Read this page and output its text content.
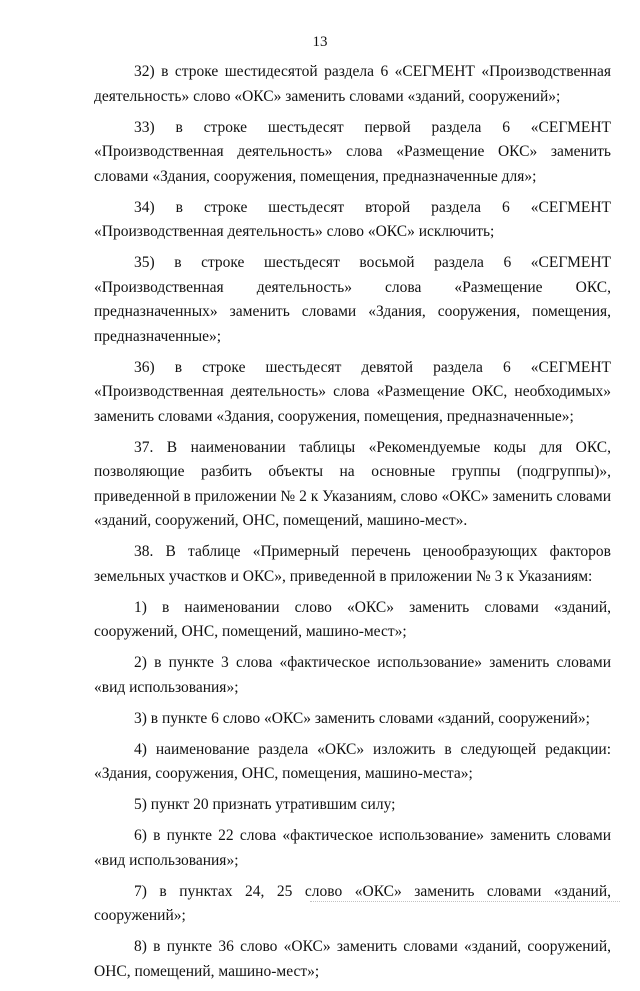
13

32) в строке шестидесятой раздела 6 «СЕГМЕНТ «Производственная деятельность» слово «ОКС» заменить словами «зданий, сооружений»;

33) в строке шестьдесят первой раздела 6 «СЕГМЕНТ «Производственная деятельность» слова «Размещение ОКС» заменить словами «Здания, сооружения, помещения, предназначенные для»;

34) в строке шестьдесят второй раздела 6 «СЕГМЕНТ «Производственная деятельность» слово «ОКС» исключить;

35) в строке шестьдесят восьмой раздела 6 «СЕГМЕНТ «Производственная деятельность» слова «Размещение ОКС, предназначенных» заменить словами «Здания, сооружения, помещения, предназначенные»;

36) в строке шестьдесят девятой раздела 6 «СЕГМЕНТ «Производственная деятельность» слова «Размещение ОКС, необходимых» заменить словами «Здания, сооружения, помещения, предназначенные»;

37. В наименовании таблицы «Рекомендуемые коды для ОКС, позволяющие разбить объекты на основные группы (подгруппы)», приведенной в приложении № 2 к Указаниям, слово «ОКС» заменить словами «зданий, сооружений, ОНС, помещений, машино-мест».

38. В таблице «Примерный перечень ценообразующих факторов земельных участков и ОКС», приведенной в приложении № 3 к Указаниям:

1) в наименовании слово «ОКС» заменить словами «зданий, сооружений, ОНС, помещений, машино-мест»;

2) в пункте 3 слова «фактическое использование» заменить словами «вид использования»;

3) в пункте 6 слово «ОКС» заменить словами «зданий, сооружений»;

4) наименование раздела «ОКС» изложить в следующей редакции: «Здания, сооружения, ОНС, помещения, машино-места»;

5) пункт 20 признать утратившим силу;

6) в пункте 22 слова «фактическое использование» заменить словами «вид использования»;

7) в пунктах 24, 25 слово «ОКС» заменить словами «зданий, сооружений»;

8) в пункте 36 слово «ОКС» заменить словами «зданий, сооружений, ОНС, помещений, машино-мест»;
